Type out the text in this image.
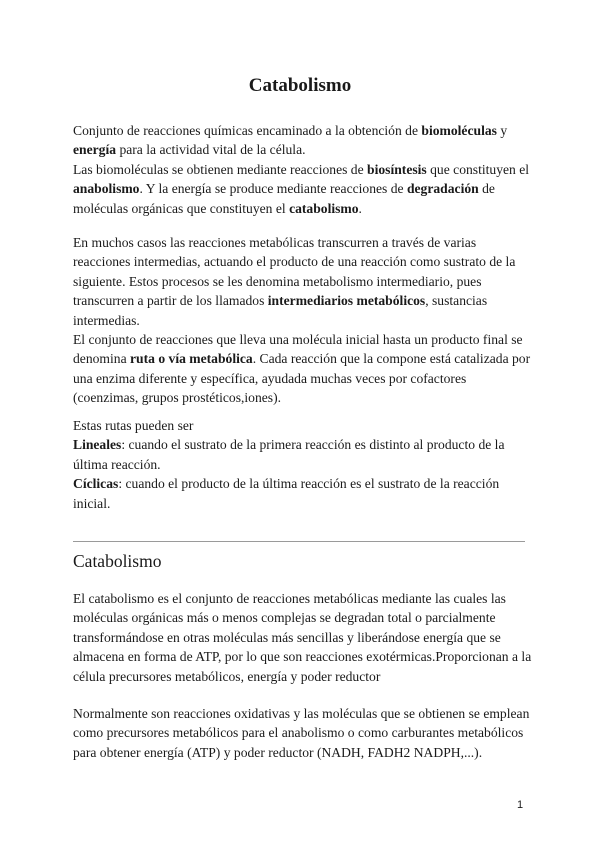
Catabolismo

Conjunto de reacciones químicas encaminado a la obtención de biomoléculas y energía para la actividad vital de la célula.

Las biomoléculas se obtienen mediante reacciones de biosíntesis que constituyen el anabolismo. Y la energía se produce mediante reacciones de degradación de moléculas orgánicas que constituyen el catabolismo.

En muchos casos las reacciones metabólicas transcurren a través de varias reacciones intermedias, actuando el producto de una reacción como sustrato de la siguiente. Estos procesos se les denomina metabolismo intermediario, pues transcurren a partir de los llamados intermediarios metabólicos, sustancias intermedias.

El conjunto de reacciones que lleva una molécula inicial hasta un producto final se denomina ruta o vía metabólica. Cada reacción que la compone está catalizada por una enzima diferente y específica, ayudada muchas veces por cofactores (coenzimas, grupos prostéticos,iones).

Estas rutas pueden ser

Lineales: cuando el sustrato de la primera reacción es distinto al producto de la última reacción.

Cíclicas: cuando el producto de la última reacción es el sustrato de la reacción inicial.

Catabolismo

El catabolismo es el conjunto de reacciones metabólicas mediante las cuales las moléculas orgánicas más o menos complejas se degradan total o parcialmente transformándose en otras moléculas más sencillas y liberándose energía que se almacena en forma de ATP, por lo que son reacciones exotérmicas.Proporcionan a la célula precursores metabólicos, energía y poder reductor

Normalmente son reacciones oxidativas y las moléculas que se obtienen se emplean como precursores metabólicos para el anabolismo o como carburantes metabólicos para obtener energía (ATP) y poder reductor (NADH, FADH2 NADPH,...).

1
